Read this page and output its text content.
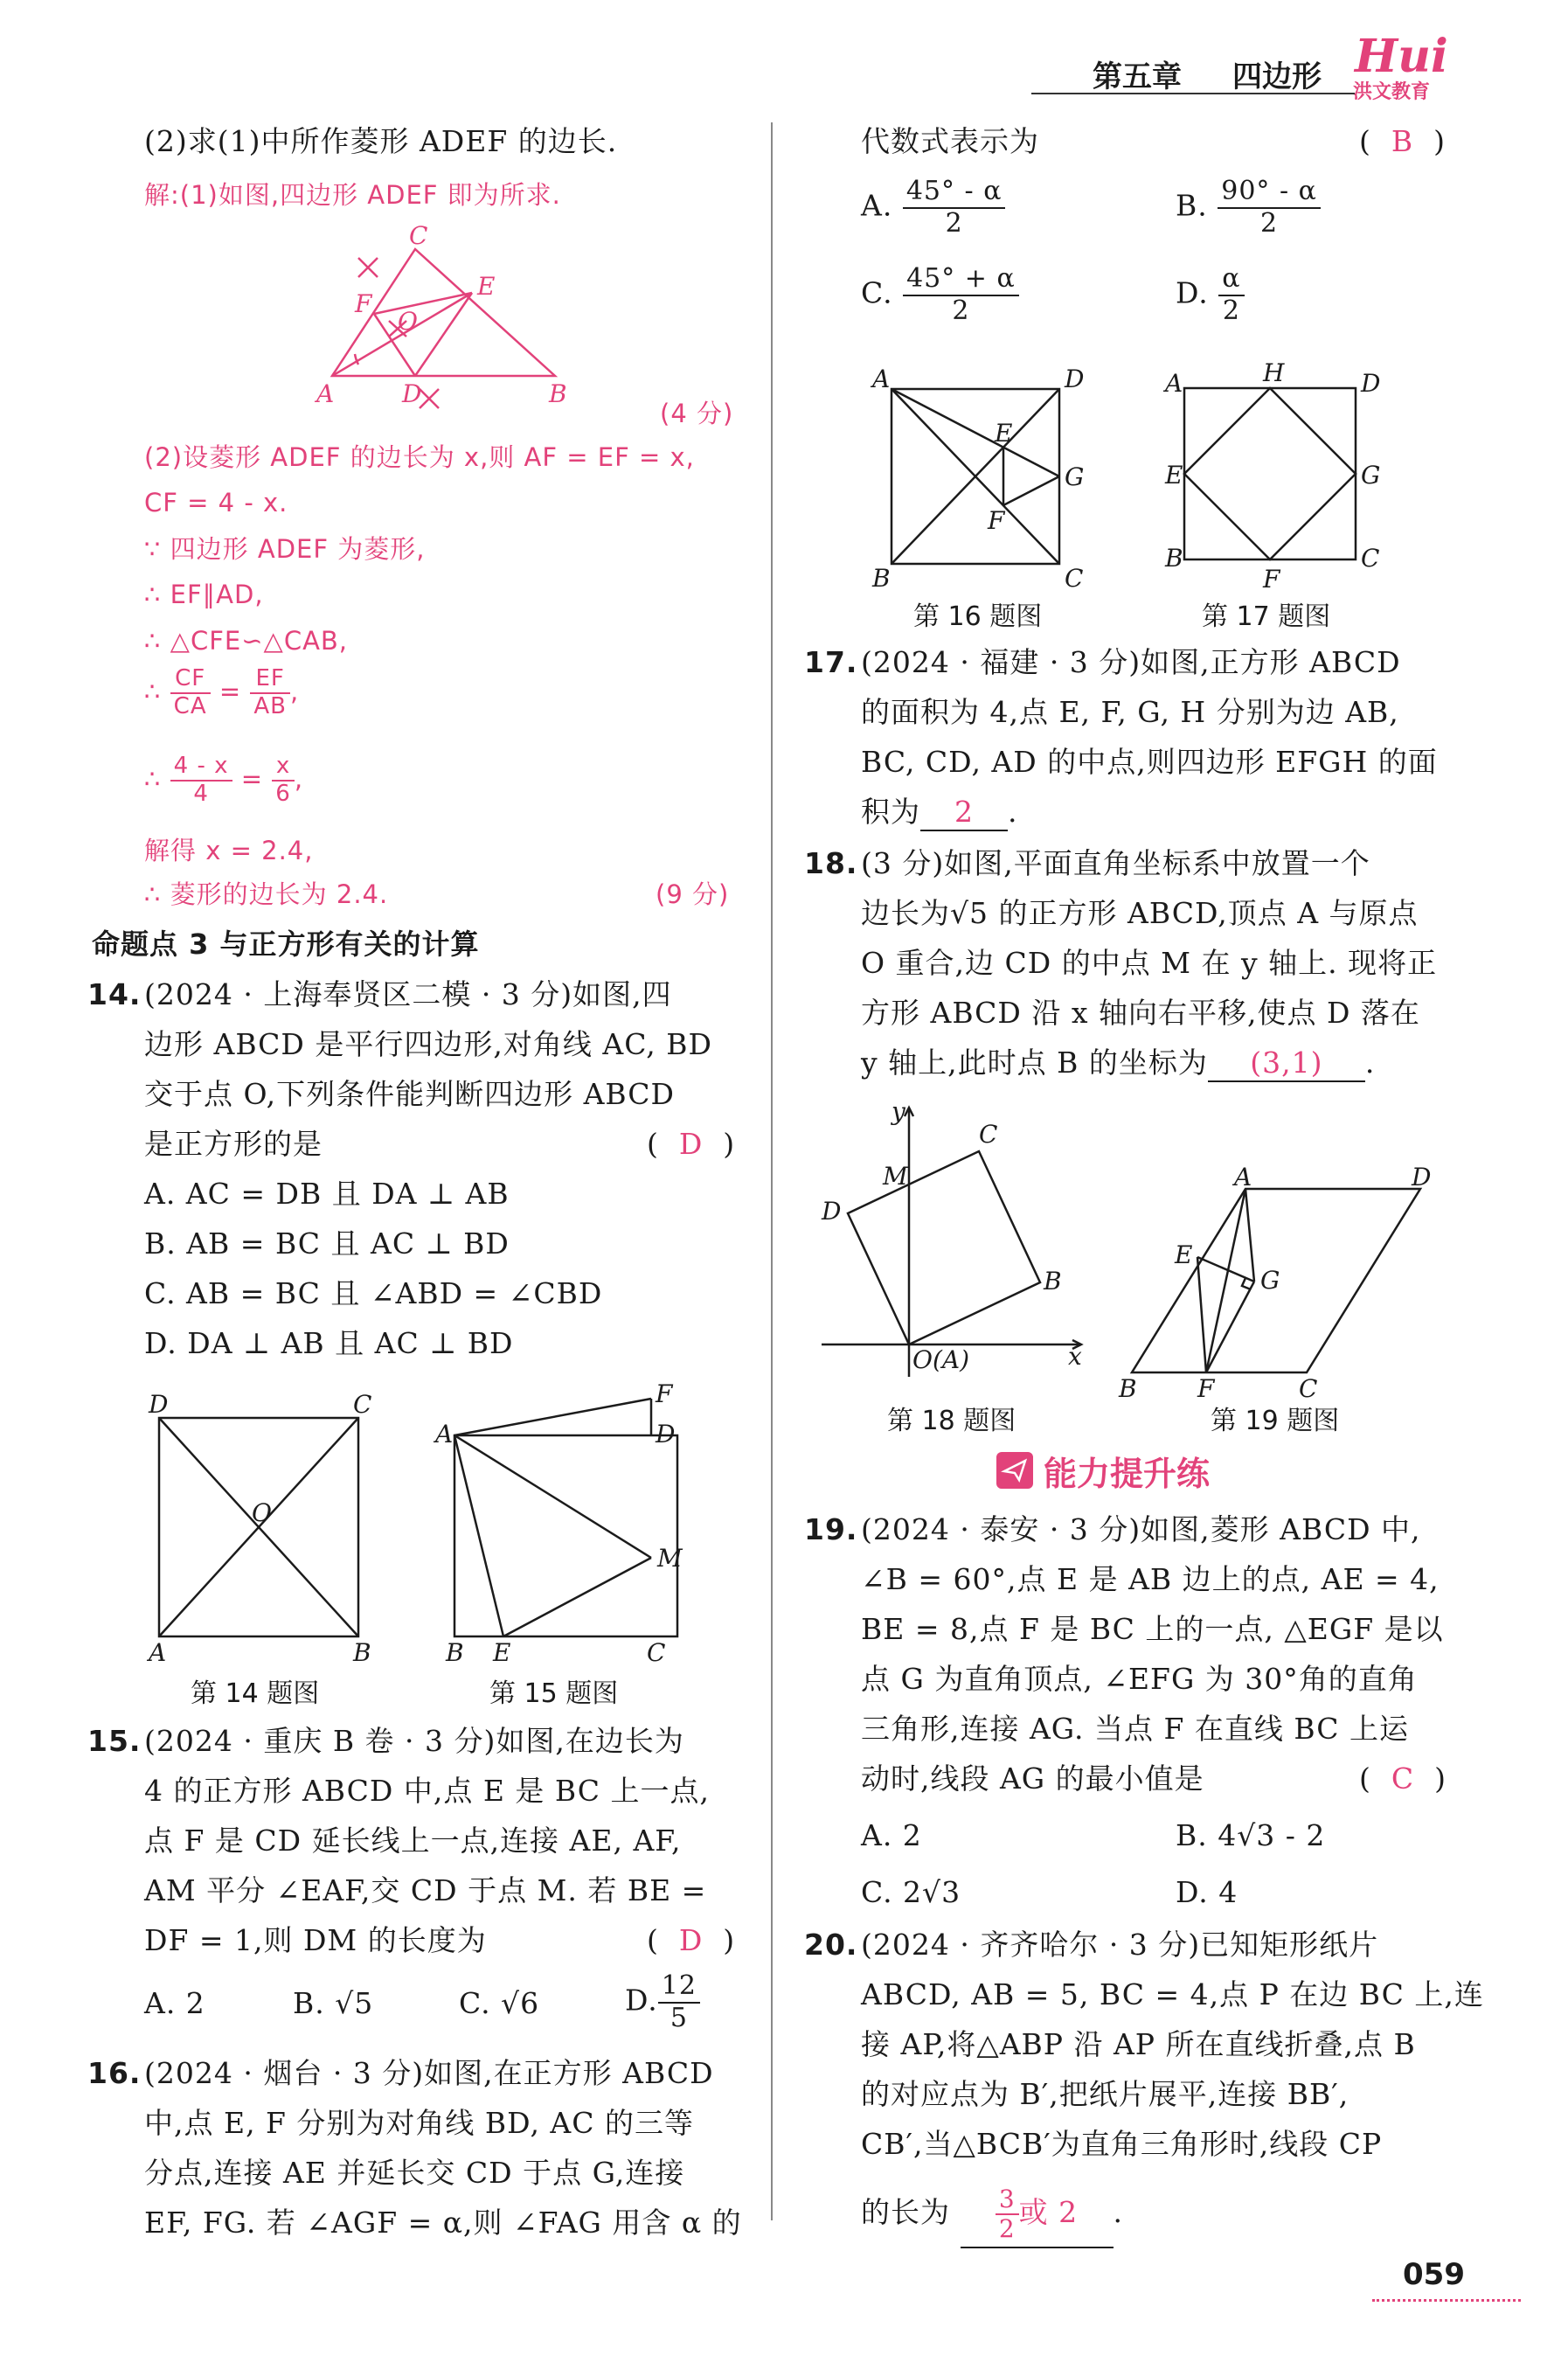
第五章 四边形 Hui
洪文教育
(2)求(1)中所作菱形 ADEF 的边长.
解:(1)如图,四边形 ADEF 即为所求.
A	D	B
C
E
F
O
(4 分)
(2)设菱形 ADEF 的边长为 x,则 AF = EF = x,
CF = 4 - x.
∵ 四边形 ADEF 为菱形,
∴ EF∥AD,
∴ △CFE∽△CAB,
∴ $\frac{CF}{CA} = \frac{EF}{AB}$ ,
∴ $\frac{4 - x}{4} = \frac{x}{6}$ ,
解得 x = 2.4,
∴ 菱形的边长为 2.4.	(9 分)
命题点 3 与正方形有关的计算
14. (2024 · 上海奉贤区二模 · 3 分)如图,四
边形 ABCD 是平行四边形,对角线 AC, BD
交于点 O,下列条件能判断四边形 ABCD
是正方形的是	(  D  )
A. AC = DB 且 DA ⊥ AB
B. AB = BC 且 AC ⊥ BD
C. AB = BC 且 ∠ABD = ∠CBD
D. DA ⊥ AB 且 AC ⊥ BD
D	C
A	B
O
F
D
A
M
B E	C
第 14 题图	第 15 题图
15. (2024 · 重庆 B 卷 · 3 分)如图,在边长为
4 的正方形 ABCD 中,点 E 是 BC 上一点,
点 F 是 CD 延长线上一点,连接 AE, AF,
AM 平分 ∠EAF,交 CD 于点 M. 若 BE =
DF = 1,则 DM 的长度为	(  D  )
A. 2	B. √5	C. √6	D. $\frac{12}{5}$
16. (2024 · 烟台 · 3 分)如图,在正方形 ABCD
中,点 E, F 分别为对角线 BD, AC 的三等
分点,连接 AE 并延长交 CD 于点 G,连接
EF, FG. 若 ∠AGF = α,则 ∠FAG 用含 α 的
代数式表示为	(  B  )
A. $\frac{45^\circ - \alpha}{2}$	B. $\frac{90^\circ - \alpha}{2}$
C. $\frac{45^\circ + \alpha}{2}$	D. $\frac{\alpha}{2}$
A	D
B	C
E
F
G
H
A	D
E	G
B	C
F
第 16 题图	第 17 题图
17. (2024 · 福建 · 3 分)如图,正方形 ABCD
的面积为 4,点 E, F, G, H 分别为边 AB,
BC, CD, AD 的中点,则四边形 EFGH 的面
积为 2 .
18. (3 分)如图,平面直角坐标系中放置一个
边长为√5 的正方形 ABCD,顶点 A 与原点
O 重合,边 CD 的中点 M 在 y 轴上. 现将正
方形 ABCD 沿 x 轴向右平移,使点 D 落在
y 轴上,此时点 B 的坐标为 (3,1) .
y
x
M
C
D
B
O(A)
A	D
E
G
B F	C
第 18 题图	第 19 题图
能力提升练
19. (2024 · 泰安 · 3 分)如图,菱形 ABCD 中,
∠B = 60°,点 E 是 AB 边上的点, AE = 4,
BE = 8,点 F 是 BC 上的一点, △EGF 是以
点 G 为直角顶点, ∠EFG 为 30°角的直角
三角形,连接 AG. 当点 F 在直线 BC 上运
动时,线段 AG 的最小值是	(  C  )
A. 2	B. 4√3 - 2
C. 2√3	D. 4
20. (2024 · 齐齐哈尔 · 3 分)已知矩形纸片
ABCD, AB = 5, BC = 4,点 P 在边 BC 上,连
接 AP,将△ABP 沿 AP 所在直线折叠,点 B
的对应点为 B′,把纸片展平,连接 BB′,
CB′,当△BCB′为直角三角形时,线段 CP
的长为 $\frac{3}{2}$ 或 2 .
059
